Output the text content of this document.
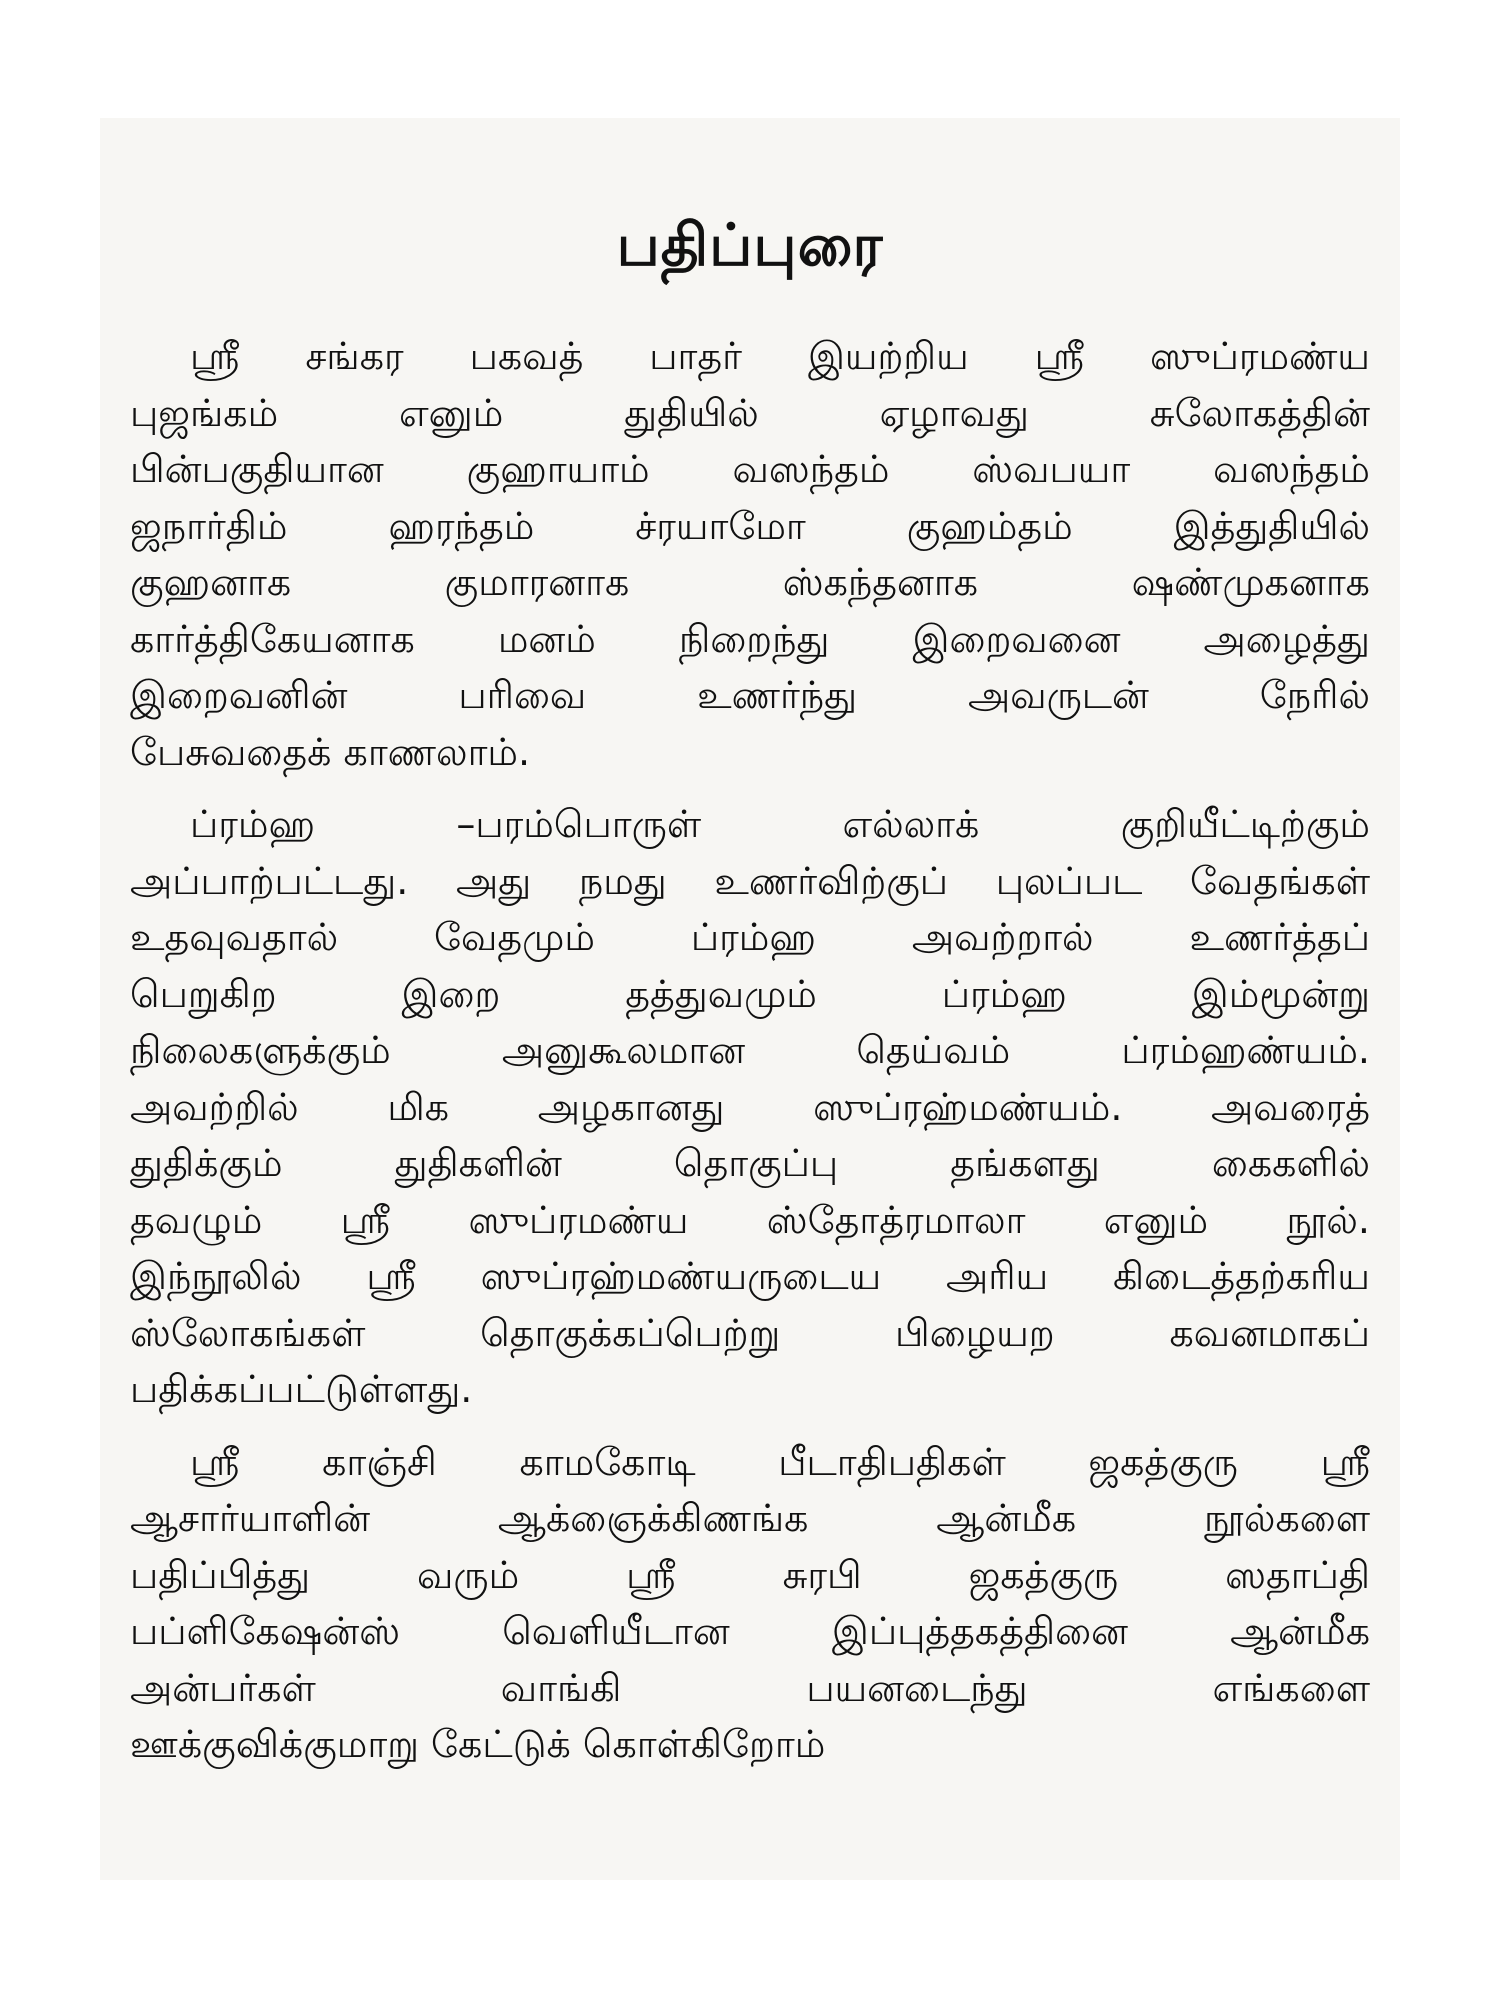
பதிப்புரை
ஸ்ரீ சங்கர பகவத் பாதர் இயற்றிய ஸ்ரீ ஸுப்ரமண்ய
புஜங்கம் எனும் துதியில் ஏழாவது சுலோகத்தின்
பின்பகுதியான குஹாயாம் வஸந்தம் ஸ்வபயா வஸந்தம்
ஜநார்திம் ஹரந்தம் ச்ரயாமோ குஹம்தம் இத்துதியில்
குஹனாக குமாரனாக ஸ்கந்தனாக ஷண்முகனாக
கார்த்திகேயனாக மனம் நிறைந்து இறைவனை அழைத்து
இறைவனின் பரிவை உணர்ந்து அவருடன் நேரில்
பேசுவதைக் காணலாம்.
ப்ரம்ஹ –பரம்பொருள் எல்லாக் குறியீட்டிற்கும்
அப்பாற்பட்டது. அது நமது உணர்விற்குப் புலப்பட வேதங்கள்
உதவுவதால் வேதமும் ப்ரம்ஹ அவற்றால் உணர்த்தப்
பெறுகிற இறை தத்துவமும் ப்ரம்ஹ இம்மூன்று
நிலைகளுக்கும் அனுகூலமான தெய்வம் ப்ரம்ஹண்யம்.
அவற்றில் மிக அழகானது ஸுப்ரஹ்மண்யம். அவரைத்
துதிக்கும் துதிகளின் தொகுப்பு தங்களது கைகளில்
தவழும் ஸ்ரீ ஸுப்ரமண்ய ஸ்தோத்ரமாலா எனும் நூல்.
இந்நூலில் ஸ்ரீ ஸுப்ரஹ்மண்யருடைய அரிய கிடைத்தற்கரிய
ஸ்லோகங்கள் தொகுக்கப்பெற்று பிழையற கவனமாகப்
பதிக்கப்பட்டுள்ளது.
ஸ்ரீ காஞ்சி காமகோடி பீடாதிபதிகள் ஜகத்குரு ஸ்ரீ
ஆசார்யாளின் ஆக்ஞைக்கிணங்க ஆன்மீக நூல்களை
பதிப்பித்து வரும் ஸ்ரீ சுரபி ஜகத்குரு ஸதாப்தி
பப்ளிகேஷன்ஸ் வெளியீடான இப்புத்தகத்தினை ஆன்மீக
அன்பர்கள் வாங்கி பயனடைந்து எங்களை
ஊக்குவிக்குமாறு கேட்டுக் கொள்கிறோம்
